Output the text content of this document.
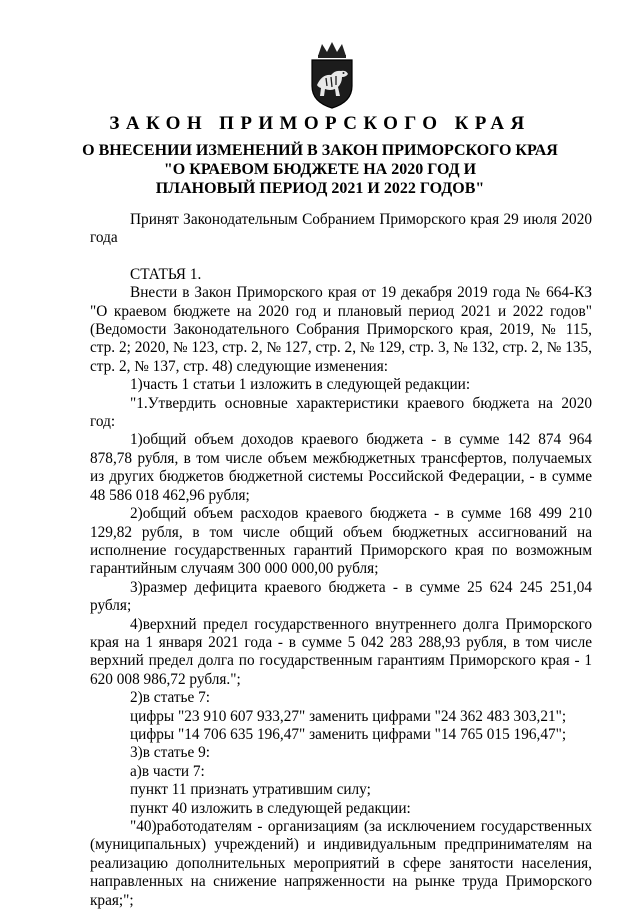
ЗАКОН ПРИМОРСКОГО КРАЯ
О ВНЕСЕНИИ ИЗМЕНЕНИЙ В ЗАКОН ПРИМОРСКОГО КРАЯ
"О КРАЕВОМ БЮДЖЕТЕ НА 2020 ГОД И
ПЛАНОВЫЙ ПЕРИОД 2021 И 2022 ГОДОВ"

Принят Законодательным Собранием Приморского края 29 июля 2020 года

СТАТЬЯ 1.

Внести в Закон Приморского края от 19 декабря 2019 года № 664-КЗ "О краевом бюджете на 2020 год и плановый период 2021 и 2022 годов" (Ведомости Законодательного Собрания Приморского края, 2019, № 115, стр. 2; 2020, № 123, стр. 2, № 127, стр. 2, № 129, стр. 3, № 132, стр. 2, № 135, стр. 2, № 137, стр. 48) следующие изменения:

1)часть 1 статьи 1 изложить в следующей редакции:

"1.Утвердить основные характеристики краевого бюджета на 2020 год:

1)общий объем доходов краевого бюджета - в сумме 142 874 964 878,78 рубля, в том числе объем межбюджетных трансфертов, получаемых из других бюджетов бюджетной системы Российской Федерации, - в сумме 48 586 018 462,96 рубля;

2)общий объем расходов краевого бюджета - в сумме 168 499 210 129,82 рубля, в том числе общий объем бюджетных ассигнований на исполнение государственных гарантий Приморского края по возможным гарантийным случаям 300 000 000,00 рубля;

3)размер дефицита краевого бюджета - в сумме 25 624 245 251,04 рубля;

4)верхний предел государственного внутреннего долга Приморского края на 1 января 2021 года - в сумме 5 042 283 288,93 рубля, в том числе верхний предел долга по государственным гарантиям Приморского края - 1 620 008 986,72 рубля.";

2)в статье 7:

цифры "23 910 607 933,27" заменить цифрами "24 362 483 303,21";

цифры "14 706 635 196,47" заменить цифрами "14 765 015 196,47";

3)в статье 9:

а)в части 7:

пункт 11 признать утратившим силу;

пункт 40 изложить в следующей редакции:

"40)работодателям - организациям (за исключением государственных (муниципальных) учреждений) и индивидуальным предпринимателям на реализацию дополнительных мероприятий в сфере занятости населения, направленных на снижение напряженности на рынке труда Приморского края;";
